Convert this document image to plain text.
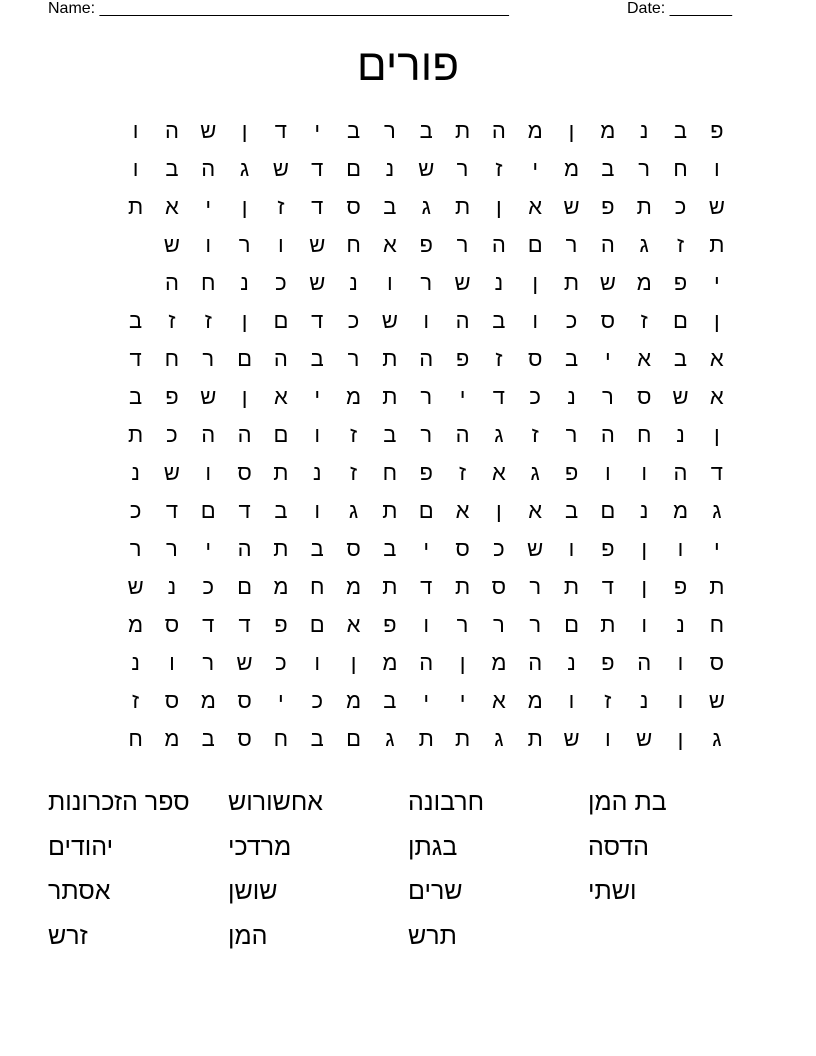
Name: ______________________________________________	Date: _______
פורים
פ
ב
נ
מ
ן
מ
ה
ת
ב
ר
ב
י
ד
ן
ש
ה
ו
ו
ח
ר
ב
מ
י
ז
ר
ש
נ
ם
ד
ש
ג
ה
ב
ו
ש
כ
ת
פ
ש
א
ן
ת
ג
ב
ס
ד
ז
ן
י
א
ת
ת
ז
ג
ה
ר
ם
ה
ר
פ
א
ח
ש
ו
ר
ו
ש
י
פ
מ
ש
ת
ן
נ
ש
ר
ו
נ
ש
כ
נ
ח
ה
ן
ם
ז
ס
כ
ו
ב
ה
ו
ש
כ
ד
ם
ן
ז
ז
ב
א
ב
א
י
ב
ס
ז
פ
ה
ת
ר
ב
ה
ם
ר
ח
ד
א
ש
ס
ר
נ
כ
ד
י
ר
ת
מ
י
א
ן
ש
פ
ב
ן
נ
ח
ה
ר
ז
ג
ה
ר
ב
ז
ו
ם
ה
ה
כ
ת
ד
ה
ו
ו
פ
ג
א
ז
פ
ח
ז
נ
ת
ס
ו
ש
נ
ג
מ
נ
ם
ב
א
ן
א
ם
ת
ג
ו
ב
ד
ם
ד
כ
י
ו
ן
פ
ו
ש
כ
ס
י
ב
ס
ב
ת
ה
י
ר
ר
ת
פ
ן
ד
ת
ר
ס
ת
ד
ת
מ
ח
מ
ם
כ
נ
ש
ח
נ
ו
ת
ם
ר
ר
ר
ו
פ
א
ם
פ
ד
ד
ס
מ
ס
ו
ה
פ
נ
ה
מ
ן
ה
מ
ן
ו
כ
ש
ר
ו
נ
ש
ו
נ
ז
ו
מ
א
י
י
ב
מ
כ
י
ס
מ
ס
ז
ג
ן
ש
ו
ש
ת
ג
ת
ת
ג
ם
ב
ח
ס
ב
מ
ח
בת המן
הדסה
ושתי
חרבונה
בגתן
שרים
תרש
אחשורוש
מרדכי
שושן
המן
ספר הזכרונות
יהודים
אסתר
זרש
